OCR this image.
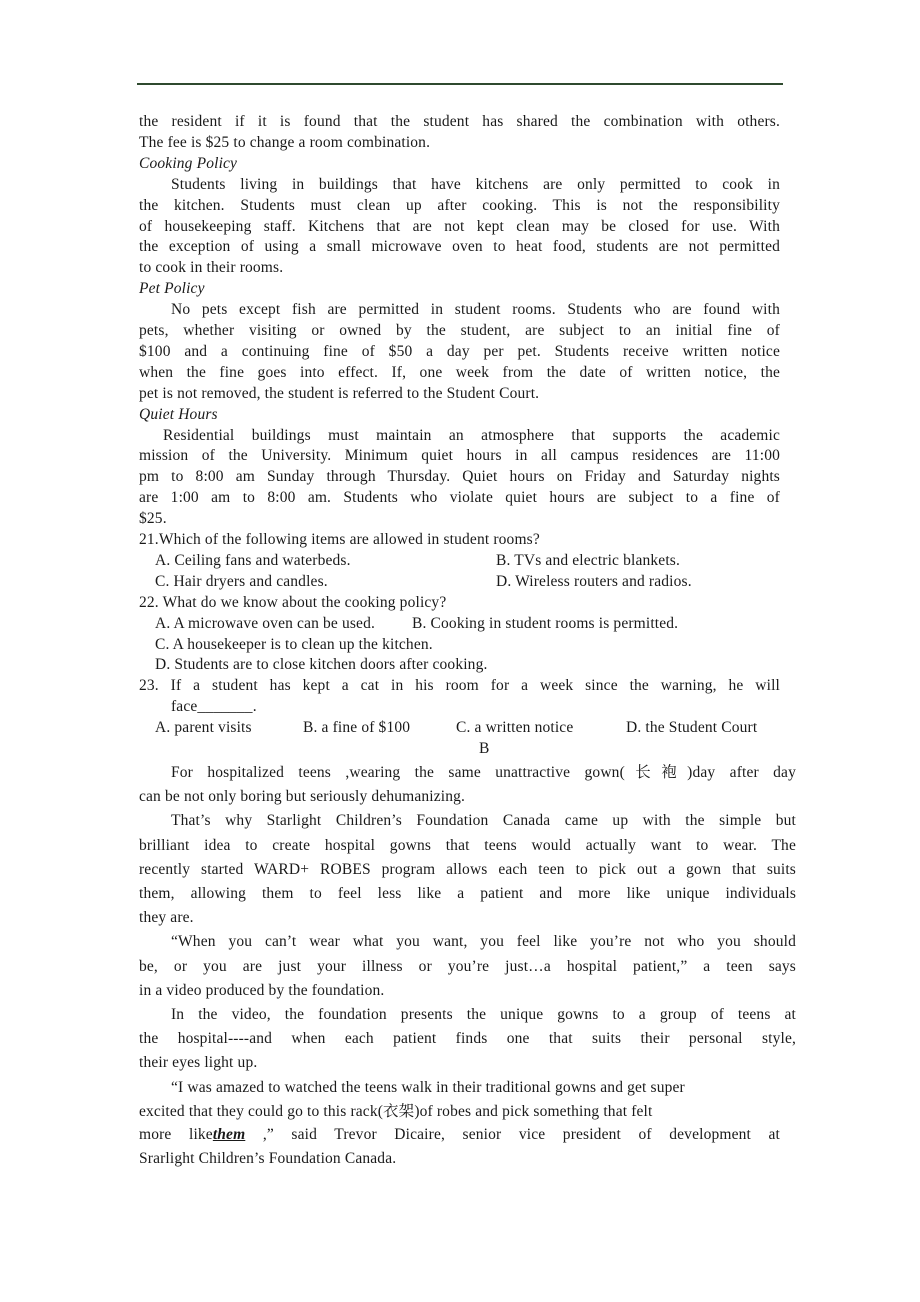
the resident if it is found that the student has shared the combination with others.
The fee is $25 to change a room combination.
Cooking Policy
Students living in buildings that have kitchens are only permitted to cook in
the kitchen. Students must clean up after cooking. This is not the responsibility
of housekeeping staff. Kitchens that are not kept clean may be closed for use. With
the exception of using a small microwave oven to heat food, students are not permitted
to cook in their rooms.
Pet Policy
No pets except fish are permitted in student rooms. Students who are found with
pets, whether visiting or owned by the student, are subject to an initial fine of
$100 and a continuing fine of $50 a day per pet. Students receive written notice
when the fine goes into effect. If, one week from the date of written notice, the
pet is not removed, the student is referred to the Student Court.
Quiet Hours
Residential buildings must maintain an atmosphere that supports the academic
mission of the University. Minimum quiet hours in all campus residences are 11:00
pm to 8:00 am Sunday through Thursday. Quiet hours on Friday and Saturday nights
are 1:00 am to 8:00 am. Students who violate quiet hours are subject to a fine of
$25.
21.Which of the following items are allowed in student rooms?
A. Ceiling fans and waterbeds.	B. TVs and electric blankets.
C. Hair dryers and candles.	D. Wireless routers and radios.
22. What do we know about the cooking policy?
A. A microwave oven can be used. B. Cooking in student rooms is permitted.
C. A housekeeper is to clean up the kitchen.
D. Students are to close kitchen doors after cooking.
23. If a student has kept a cat in his room for a week since the warning, he will
face_______.
A. parent visits	B. a fine of $100	C. a written notice	D. the Student Court
B
For hospitalized teens ,wearing the same unattractive gown(长袍)day after day
can be not only boring but seriously dehumanizing.
That’s why Starlight Children’s Foundation Canada came up with the simple but
brilliant idea to create hospital gowns that teens would actually want to wear. The
recently started WARD+ ROBES program allows each teen to pick out a gown that suits
them, allowing them to feel less like a patient and more like unique individuals
they are.
“When you can’t wear what you want, you feel like you’re not who you should
be, or you are just your illness or you’re just…a hospital patient,” a teen says
in a video produced by the foundation.
In the video, the foundation presents the unique gowns to a group of teens at
the hospital----and when each patient finds one that suits their personal style,
their eyes light up.
“I was amazed to watched the teens walk in their traditional gowns and get super
excited that they could go to this rack(衣架)of robes and pick something that felt
more likethem ,” said Trevor Dicaire, senior vice president of development at
Srarlight Children’s Foundation Canada.
